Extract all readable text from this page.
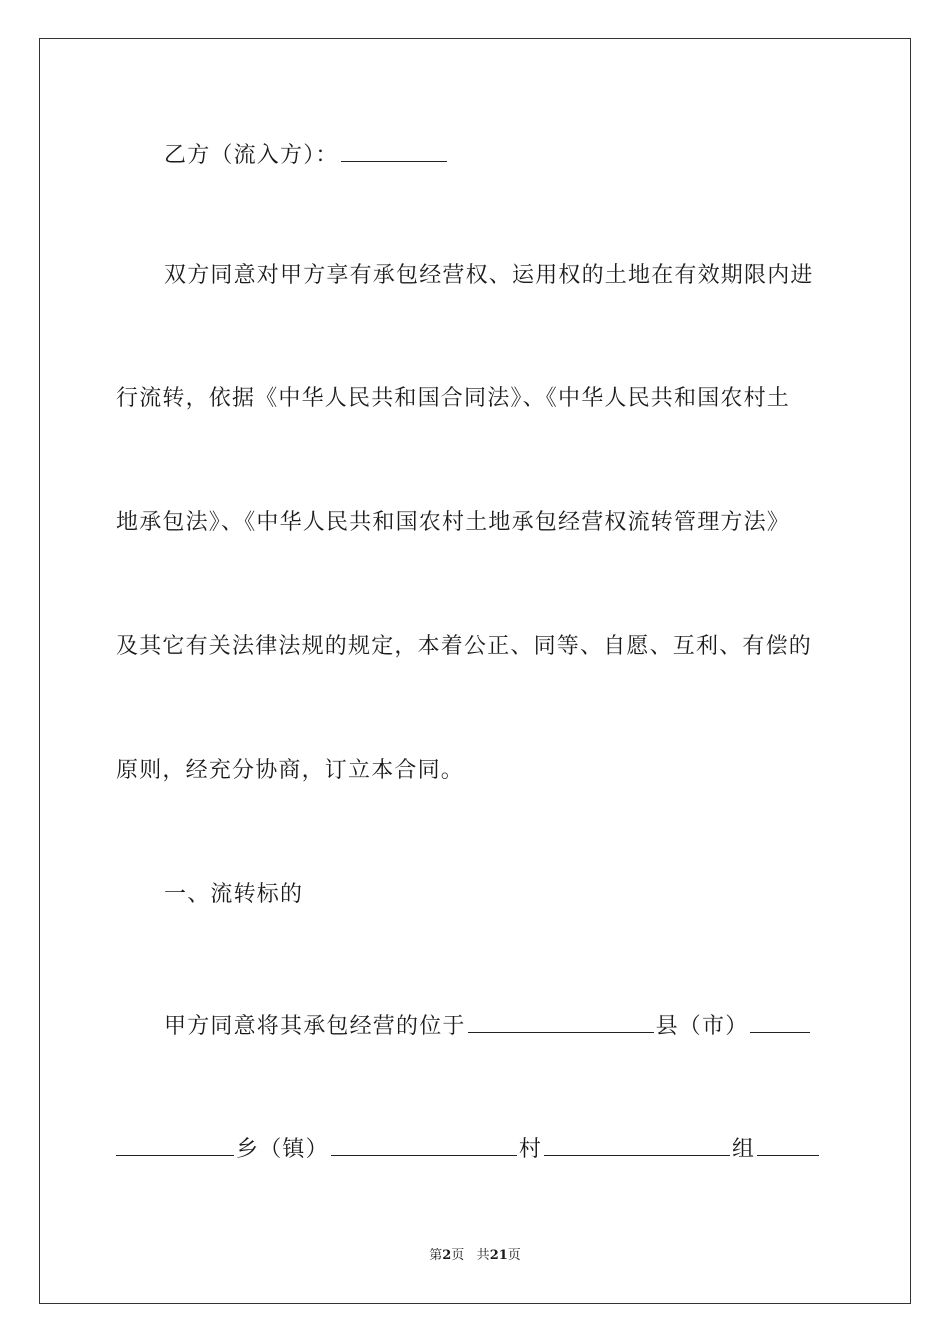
乙方（流入方）：
双方同意对甲方享有承包经营权、运用权的土地在有效期限内进
行流转，依据《中华人民共和国合同法》、《中华人民共和国农村土
地承包法》、《中华人民共和国农村土地承包经营权流转管理方法》
及其它有关法律法规的规定，本着公正、同等、自愿、互利、有偿的
原则，经充分协商，订立本合同。
一、流转标的
甲方同意将其承包经营的位于	县（市）
乡（镇）	村	组
第2页 共21页
